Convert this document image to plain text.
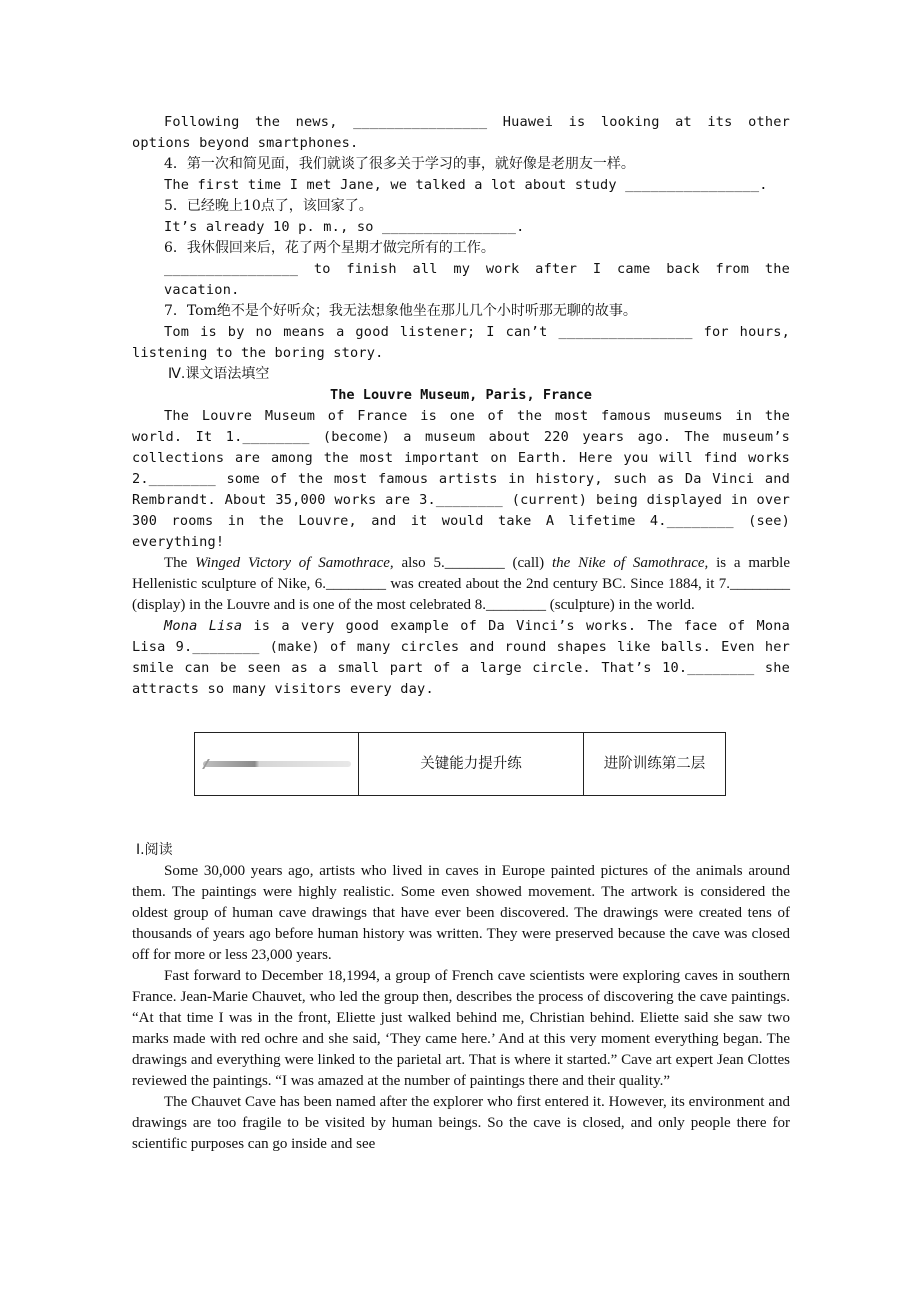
Following the news, ________________ Huawei is looking at its other options beyond smartphones.

4．第一次和简见面，我们就谈了很多关于学习的事，就好像是老朋友一样。

The first time I met Jane, we talked a lot about study ________________.

5．已经晚上10点了，该回家了。

It’s already 10 p. m., so ________________.

6．我休假回来后，花了两个星期才做完所有的工作。

________________ to finish all my work after I came back from the vacation.

7．Tom绝不是个好听众；我无法想象他坐在那儿几个小时听那无聊的故事。

Tom is by no means a good listener; I can’t ________________ for hours, listening to the boring story.

Ⅳ.课文语法填空

The Louvre Museum, Paris, France

The Louvre Museum of France is one of the most famous museums in the world. It 1.________ (become) a museum about 220 years ago. The museum’s collections are among the most important on Earth. Here you will find works 2.________ some of the most famous artists in history, such as Da Vinci and Rembrandt. About 35,000 works are 3.________ (current) being displayed in over 300 rooms in the Louvre, and it would take A lifetime 4.________ (see) everything!

The Winged Victory of Samothrace, also 5.________ (call) the Nike of Samothrace, is a marble Hellenistic sculpture of Nike, 6.________ was created about the 2nd century BC. Since 1884, it 7.________ (display) in the Louvre and is one of the most celebrated 8.________ (sculpture) in the world.

Mona Lisa is a very good example of Da Vinci’s works. The face of Mona Lisa 9.________ (make) of many circles and round shapes like balls. Even her smile can be seen as a small part of a large circle. That’s 10.________ she attracts so many visitors every day.

关键能力提升练	进阶训练第二层

Ⅰ.阅读

Some 30,000 years ago, artists who lived in caves in Europe painted pictures of the animals around them. The paintings were highly realistic. Some even showed movement. The artwork is considered the oldest group of human cave drawings that have ever been discovered. The drawings were created tens of thousands of years ago before human history was written. They were preserved because the cave was closed off for more or less 23,000 years.

Fast forward to December 18,1994, a group of French cave scientists were exploring caves in southern France. Jean-Marie Chauvet, who led the group then, describes the process of discovering the cave paintings. “At that time I was in the front, Eliette just walked behind me, Christian behind. Eliette said she saw two marks made with red ochre and she said, ‘They came here.’ And at this very moment everything began. The drawings and everything were linked to the parietal art. That is where it started.” Cave art expert Jean Clottes reviewed the paintings. “I was amazed at the number of paintings there and their quality.”

The Chauvet Cave has been named after the explorer who first entered it. However, its environment and drawings are too fragile to be visited by human beings. So the cave is closed, and only people there for scientific purposes can go inside and see
